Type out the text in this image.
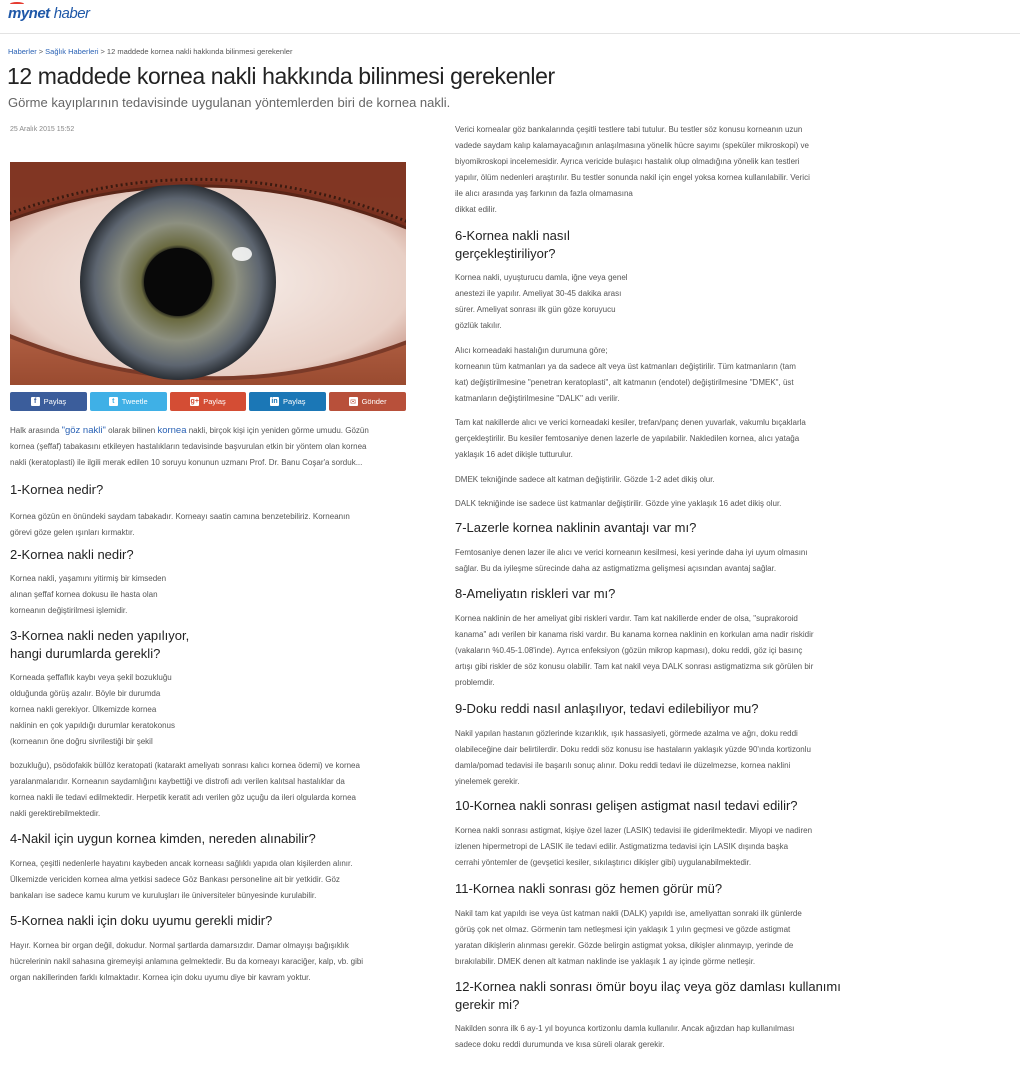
mynet haber
Haberler > Sağlık Haberleri > 12 maddede kornea nakli hakkında bilinmesi gerekenler
12 maddede kornea nakli hakkında bilinmesi gerekenler
Görme kayıplarının tedavisinde uygulanan yöntemlerden biri de kornea nakli.
25 Aralık 2015 15:52
f Paylaş	t Tweetle	g+ Paylaş	in Paylaş	✉ Gönder

Halk arasında "göz nakli" olarak bilinen kornea nakli, birçok kişi için yeniden görme umudu. Gözün

kornea (şeffaf) tabakasını etkileyen hastalıkların tedavisinde başvurulan etkin bir yöntem olan kornea

nakli (keratoplasti) ile ilgili merak edilen 10 soruyu konunun uzmanı Prof. Dr. Banu Coşar'a sorduk...

1-Kornea nedir?

Kornea gözün en önündeki saydam tabakadır. Korneayı saatin camına benzetebiliriz. Korneanın

görevi göze gelen ışınları kırmaktır.

2-Kornea nakli nedir?

Kornea nakli, yaşamını yitirmiş bir kimseden

alınan şeffaf kornea dokusu ile hasta olan

korneanın değiştirilmesi işlemidir.

3-Kornea nakli neden yapılıyor,
hangi durumlarda gerekli?

Korneada şeffaflık kaybı veya şekil bozukluğu

olduğunda görüş azalır. Böyle bir durumda

kornea nakli gerekiyor. Ülkemizde kornea

naklinin en çok yapıldığı durumlar keratokonus

(korneanın öne doğru sivrilestiği bir şekil

bozukluğu), psödofakik büllöz keratopati (katarakt ameliyatı sonrası kalıcı kornea ödemi) ve kornea

yaralanmalarıdır. Korneanın saydamlığını kaybettiği ve distrofi adı verilen kalıtsal hastalıklar da

kornea nakli ile tedavi edilmektedir. Herpetik keratit adı verilen göz uçuğu da ileri olgularda kornea

nakli gerektirebilmektedir.

4-Nakil için uygun kornea kimden, nereden alınabilir?

Kornea, çeşitli nedenlerle hayatını kaybeden ancak korneası sağlıklı yapıda olan kişilerden alınır.

Ülkemizde vericiden kornea alma yetkisi sadece Göz Bankası personeline ait bir yetkidir. Göz

bankaları ise sadece kamu kurum ve kuruluşları ile üniversiteler bünyesinde kurulabilir.

5-Kornea nakli için doku uyumu gerekli midir?

Hayır. Kornea bir organ değil, dokudur. Normal şartlarda damarsızdır. Damar olmayışı bağışıklık

hücrelerinin nakil sahasına giremeyişi anlamına gelmektedir. Bu da korneayı karaciğer, kalp, vb. gibi

organ nakillerinden farklı kılmaktadır. Kornea için doku uyumu diye bir kavram yoktur.

Verici korneaIar göz bankalarında çeşitli testlere tabi tutulur. Bu testler söz konusu korneanın uzun

vadede saydam kalıp kalamayacağının anlaşılmasına yönelik hücre sayımı (speküler mikroskopi) ve

biyomikroskopi incelemesidir. Ayrıca vericide bulaşıcı hastalık olup olmadığına yönelik kan testleri

yapılır, ölüm nedenleri araştırılır. Bu testler sonunda nakil için engel yoksa kornea kullanılabilir. Verici

ile alıcı arasında yaş farkının da fazla olmamasına

dikkat edilir.

6-Kornea nakli nasıl
gerçekleştiriliyor?

Kornea nakli, uyuşturucu damla, iğne veya genel

anestezi ile yapılır. Ameliyat 30-45 dakika arası

sürer. Ameliyat sonrası ilk gün göze koruyucu

gözlük takılır.

Alıcı korneadaki hastalığın durumuna göre;

korneanın tüm katmanları ya da sadece alt veya üst katmanları değiştirilir. Tüm katmanların (tam

kat) değiştirilmesine "penetran keratoplasti", alt katmanın (endotel) değiştirilmesine "DMEK", üst

katmanların değiştirilmesine "DALK" adı verilir.

Tam kat nakillerde alıcı ve verici korneadaki kesiler, trefan/panç denen yuvarlak, vakumlu bıçaklarla

gerçekleştirilir. Bu kesiler femtosaniye denen lazerle de yapılabilir. Nakledilen kornea, alıcı yatağa

yaklaşık 16 adet dikişle tutturulur.

DMEK tekniğinde sadece alt katman değiştirilir. Gözde 1-2 adet dikiş olur.

DALK tekniğinde ise sadece üst katmanlar değiştirilir. Gözde yine yaklaşık 16 adet dikiş olur.

7-Lazerle kornea naklinin avantajı var mı?

Femtosaniye denen lazer ile alıcı ve verici korneanın kesilmesi, kesi yerinde daha iyi uyum olmasını

sağlar. Bu da iyileşme sürecinde daha az astigmatizma gelişmesi açısından avantaj sağlar.

8-Ameliyatın riskleri var mı?

Kornea naklinin de her ameliyat gibi riskleri vardır. Tam kat nakillerde ender de olsa, "suprakoroid

kanama" adı verilen bir kanama riski vardır. Bu kanama kornea naklinin en korkulan ama nadir riskidir

(vakaların %0.45-1.08'inde). Ayrıca enfeksiyon (gözün mikrop kapması), doku reddi, göz içi basınç

artışı gibi riskler de söz konusu olabilir. Tam kat nakil veya DALK sonrası astigmatizma sık görülen bir

problemdir.

9-Doku reddi nasıl anlaşılıyor, tedavi edilebiliyor mu?

Nakil yapılan hastanın gözlerinde kızarıklık, ışık hassasiyeti, görmede azalma ve ağrı, doku reddi

olabileceğine dair belirtilerdir. Doku reddi söz konusu ise hastaların yaklaşık yüzde 90'ında kortizonlu

damla/pomad tedavisi ile başarılı sonuç alınır. Doku reddi tedavi ile düzelmezse, kornea naklini

yinelemek gerekir.

10-Kornea nakli sonrası gelişen astigmat nasıl tedavi edilir?

Kornea nakli sonrası astigmat, kişiye özel lazer (LASIK) tedavisi ile giderilmektedir. Miyopi ve nadiren

izlenen hipermetropi de LASIK ile tedavi edilir. Astigmatizma tedavisi için LASIK dışında başka

cerrahi yöntemler de (gevşetici kesiler, sıkılaştırıcı dikişler gibi) uygulanabilmektedir.

11-Kornea nakli sonrası göz hemen görür mü?

Nakil tam kat yapıldı ise veya üst katman nakli (DALK) yapıldı ise, ameliyattan sonraki ilk günlerde

görüş çok net olmaz. Görmenin tam netleşmesi için yaklaşık 1 yılın geçmesi ve gözde astigmat

yaratan dikişlerin alınması gerekir. Gözde belirgin astigmat yoksa, dikişler alınmayıp, yerinde de

bırakılabilir. DMEK denen alt katman naklinde ise yaklaşık 1 ay içinde görme netleşir.

12-Kornea nakli sonrası ömür boyu ilaç veya göz damlası kullanımı
gerekir mi?

Nakilden sonra ilk 6 ay-1 yıl boyunca kortizonlu damla kullanılır. Ancak ağızdan hap kullanılması

sadece doku reddi durumunda ve kısa süreli olarak gerekir.
